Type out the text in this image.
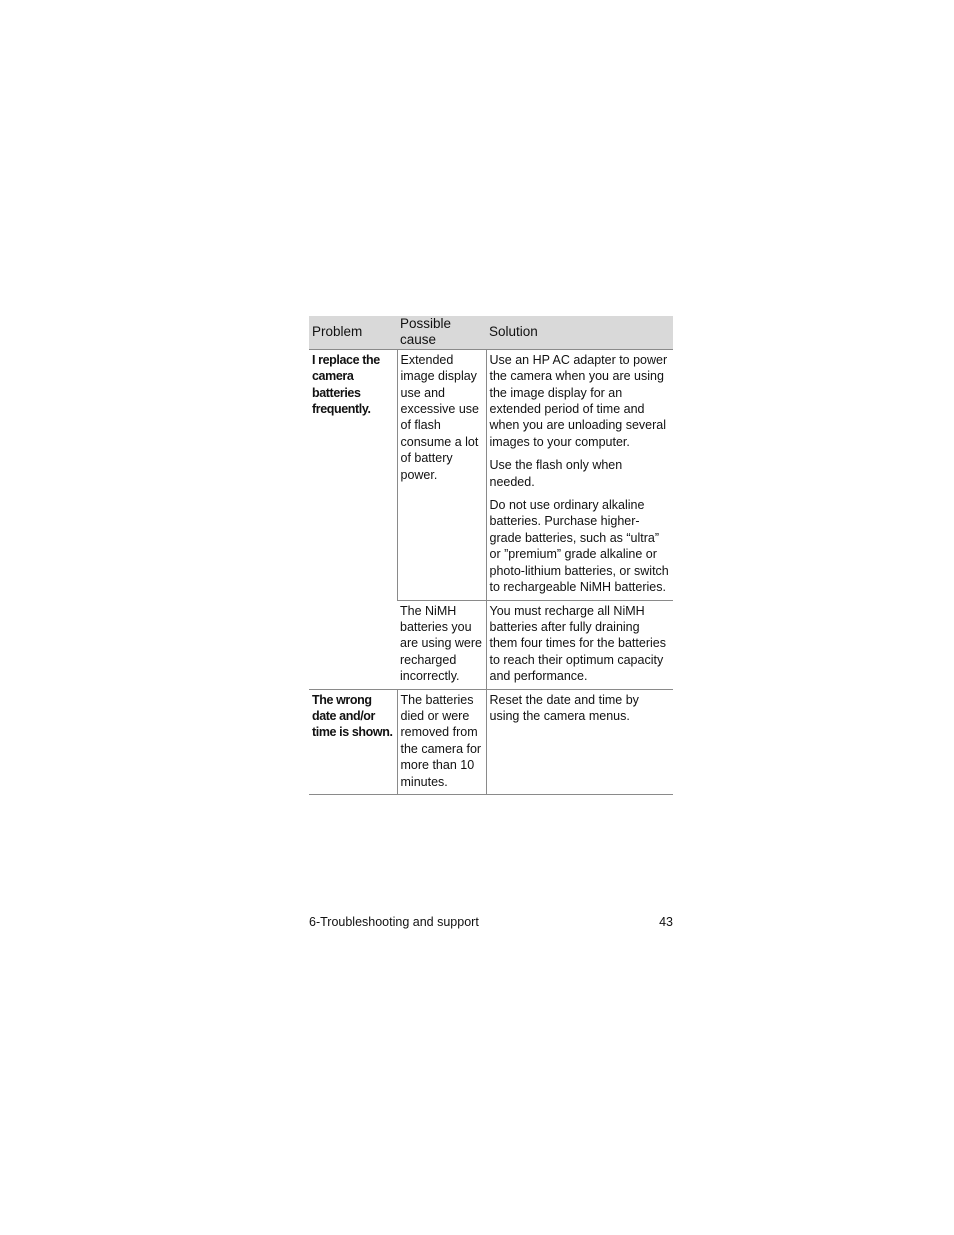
Problem	Possible cause	Solution
I replace the camera batteries frequently.	Extended image display use and excessive use of flash consume a lot of battery power.	Use an HP AC adapter to power the camera when you are using the image display for an extended period of time and when you are unloading several images to your computer.

Use the flash only when needed.

Do not use ordinary alkaline batteries. Purchase higher-grade batteries, such as “ultra” or ”premium” grade alkaline or photo-lithium batteries, or switch to rechargeable NiMH batteries.

	The NiMH batteries you are using were recharged incorrectly.	You must recharge all NiMH batteries after fully draining them four times for the batteries to reach their optimum capacity and performance.

The wrong date and/or time is shown.	The batteries died or were removed from the camera for more than 10 minutes.	Reset the date and time by using the camera menus.

6-Troubleshooting and support	43
